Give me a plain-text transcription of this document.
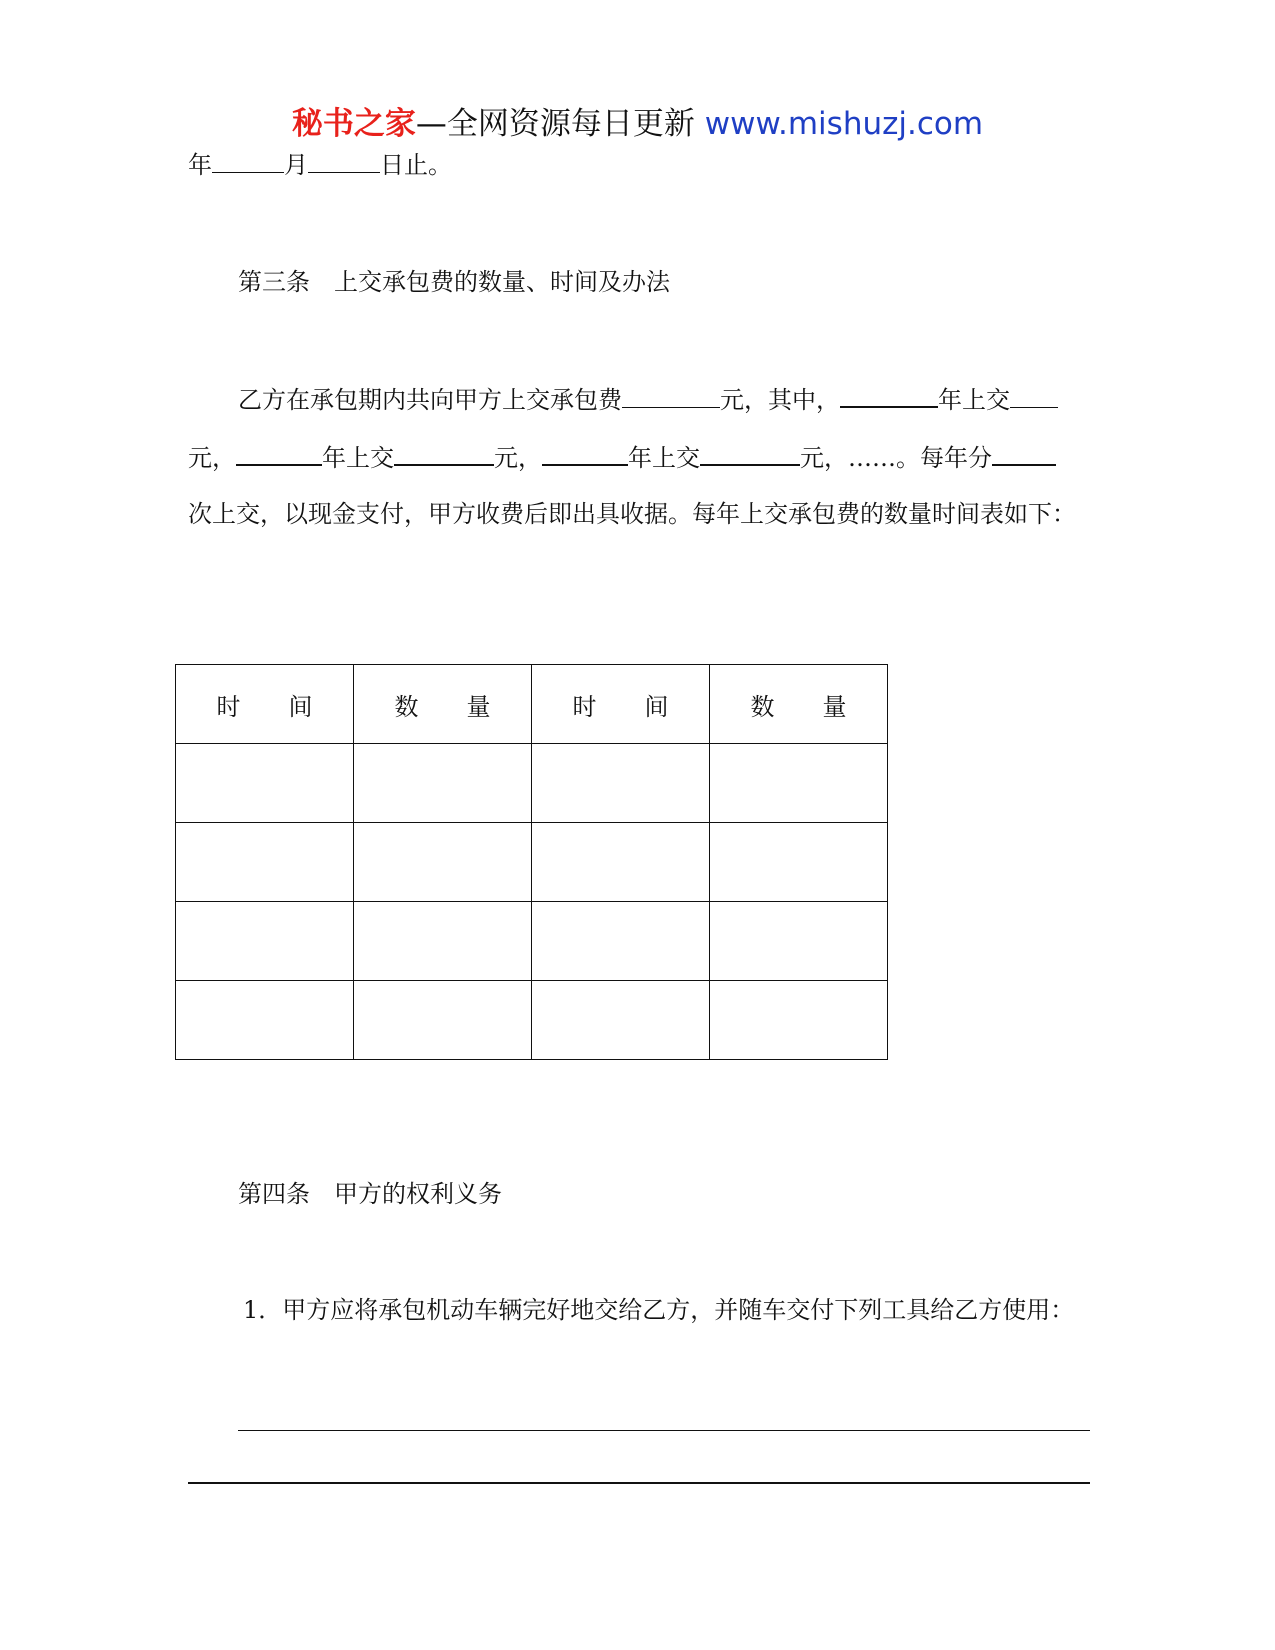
秘书之家—全网资源每日更新 www.mishuzj.com
年	月	日止。
第三条　上交承包费的数量、时间及办法
乙方在承包期内共向甲方上交承包费	元，其中，	年上交
元，	年上交	元，	年上交	元，……。每年分
次上交，以现金支付，甲方收费后即出具收据。每年上交承包费的数量时间表如下：
时　　 间	数　　 量	时　　 间	数　　 量

第四条　甲方的权利义务
1．甲方应将承包机动车辆完好地交给乙方，并随车交付下列工具给乙方使用：
